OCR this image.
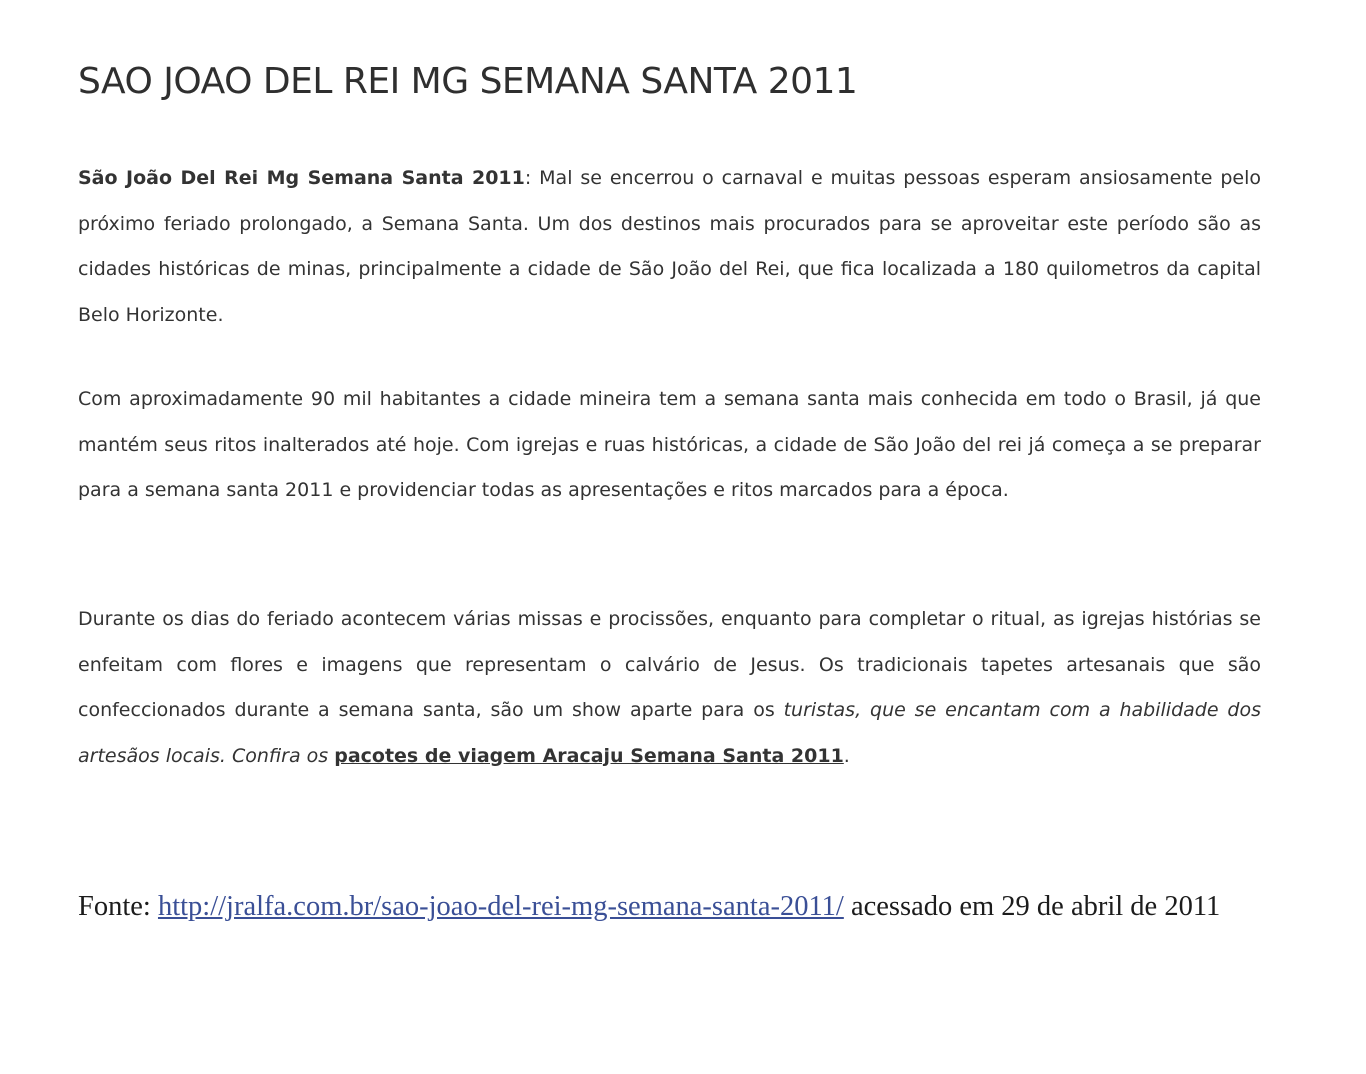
SAO JOAO DEL REI MG SEMANA SANTA 2011

São João Del Rei Mg Semana Santa 2011: Mal se encerrou o carnaval e muitas pessoas esperam ansiosamente pelo próximo feriado prolongado, a Semana Santa. Um dos destinos mais procurados para se aproveitar este período são as cidades históricas de minas, principalmente a cidade de São João del Rei, que fica localizada a 180 quilometros da capital Belo Horizonte.

Com aproximadamente 90 mil habitantes a cidade mineira tem a semana santa mais conhecida em todo o Brasil, já que mantém seus ritos inalterados até hoje. Com igrejas e ruas históricas, a cidade de São João del rei já começa a se preparar para a semana santa 2011 e providenciar todas as apresentações e ritos marcados para a época.

Durante os dias do feriado acontecem várias missas e procissões, enquanto para completar o ritual, as igrejas históriаs se enfeitam com flores e imagens que representam o calvário de Jesus. Os tradicionais tapetes artesanais que são confeccionados durante a semana santa, são um show aparte para os turistas, que se encantam com a habilidade dos artesãos locais. Confira os pacotes de viagem Aracaju Semana Santa 2011.

Fonte: http://jralfa.com.br/sao-joao-del-rei-mg-semana-santa-2011/ acessado em 29 de abril de 2011
